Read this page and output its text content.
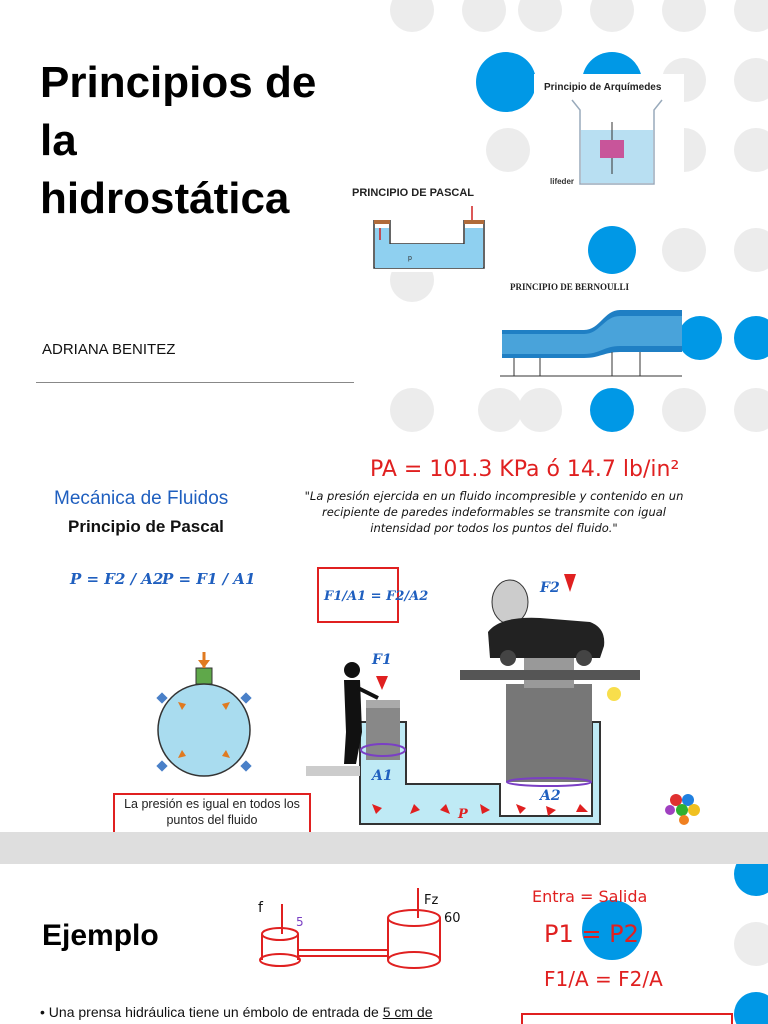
Principios de
la
hidrostática
ADRIANA BENITEZ
PRINCIPIO DE PASCAL
p
Principio de Arquímedes
lifeder
PRINCIPIO DE BERNOULLI
PA = 101.3 KPa ó 14.7 lb/in²
Mecánica de Fluidos
Principio de Pascal
"La presión ejercida en un fluido incompresible y contenido en un recipiente de paredes indeformables se transmite con igual intensidad por todos los puntos del fluido."
P = F2 / A2
P = F1 / A1
F1/A1 = F2/A2
La presión es igual en todos los puntos del fluido	P
F1
A1
A2
F2
f
5
Fz
60
Entra = Salida
P1 = P2
F1/A = F2/A
Ejemplo
• Una prensa hidráulica tiene un émbolo de entrada de 5 cm de
